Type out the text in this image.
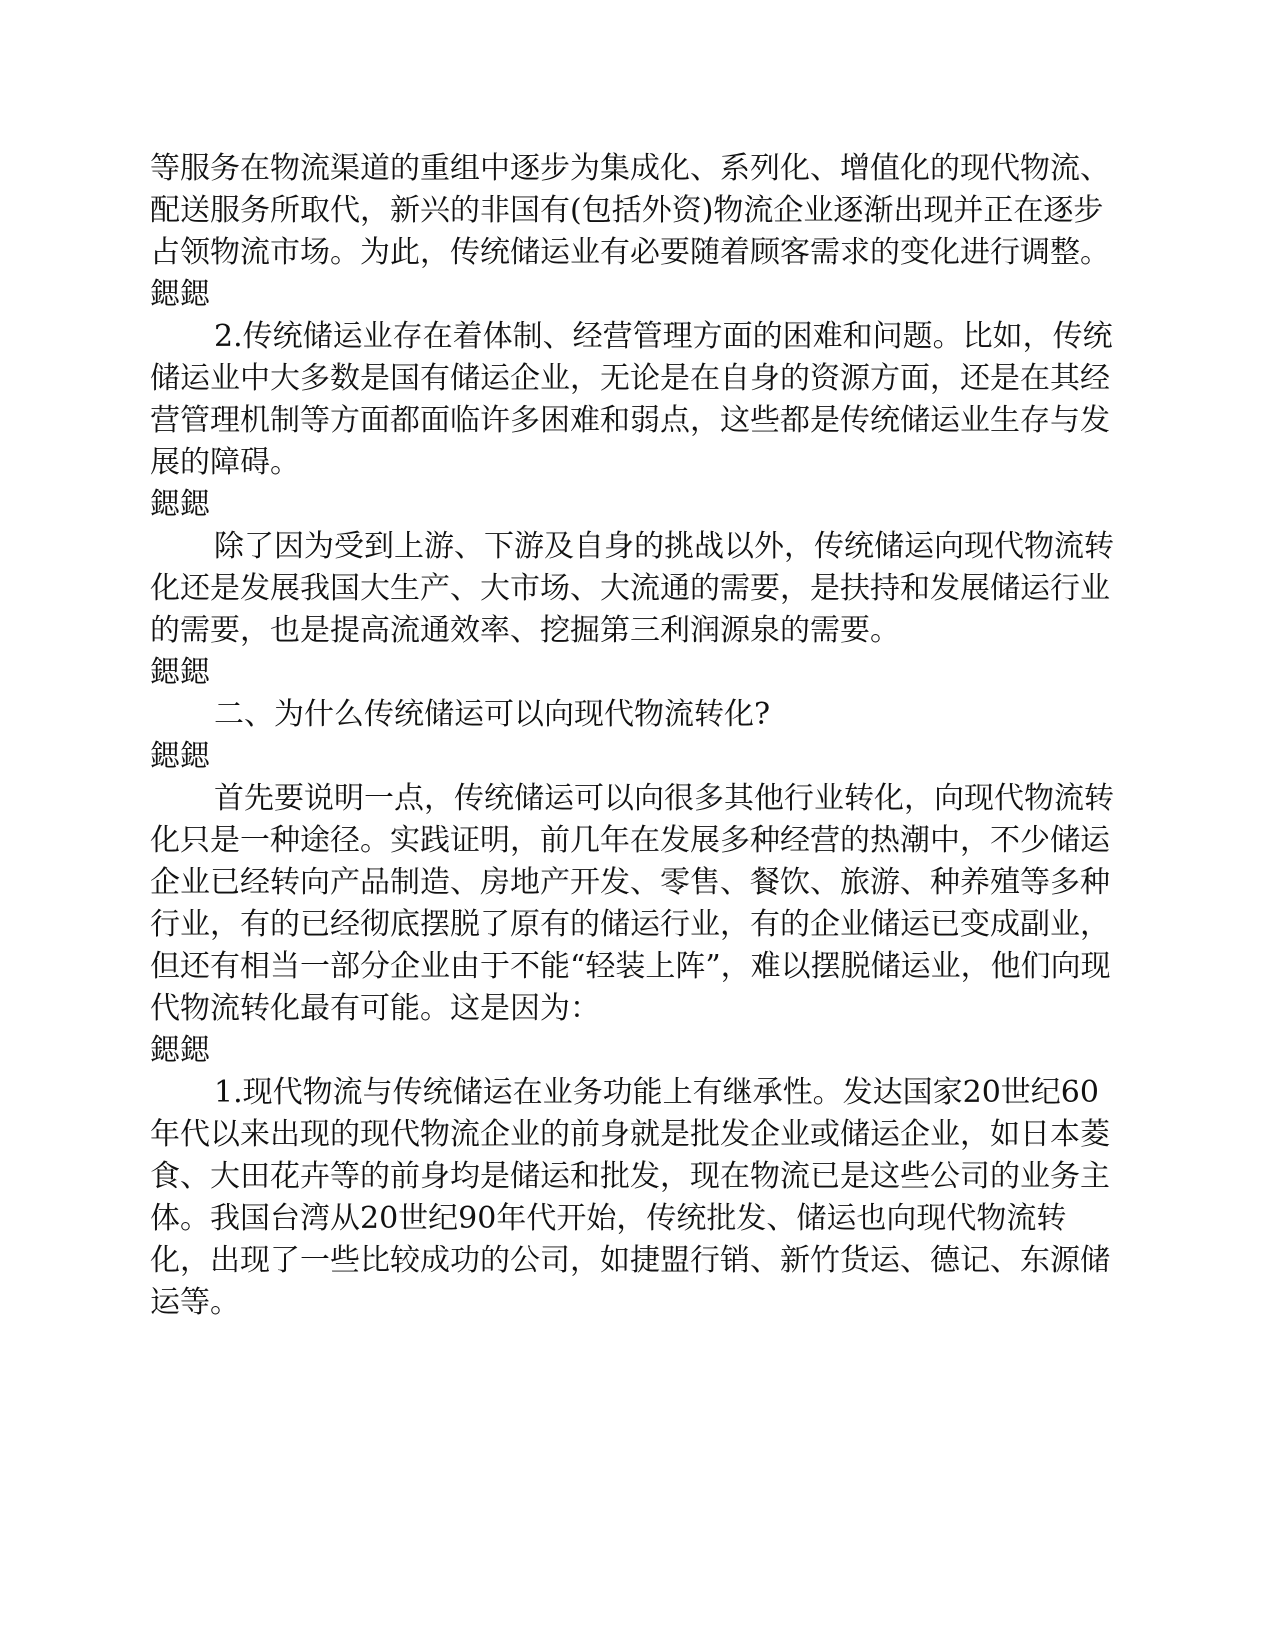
等服务在物流渠道的重组中逐步为集成化、系列化、增值化的现代物流、配送服务所取代，新兴的非国有(包括外资)物流企业逐渐出现并正在逐步占领物流市场。为此，传统储运业有必要随着顾客需求的变化进行调整。

鍶鍶

2.传统储运业存在着体制、经营管理方面的困难和问题。比如，传统储运业中大多数是国有储运企业，无论是在自身的资源方面，还是在其经营管理机制等方面都面临许多困难和弱点，这些都是传统储运业生存与发展的障碍。

鍶鍶

除了因为受到上游、下游及自身的挑战以外，传统储运向现代物流转化还是发展我国大生产、大市场、大流通的需要，是扶持和发展储运行业的需要，也是提高流通效率、挖掘第三利润源泉的需要。

鍶鍶

二、为什么传统储运可以向现代物流转化?

鍶鍶

首先要说明一点，传统储运可以向很多其他行业转化，向现代物流转化只是一种途径。实践证明，前几年在发展多种经营的热潮中，不少储运企业已经转向产品制造、房地产开发、零售、餐饮、旅游、种养殖等多种行业，有的已经彻底摆脱了原有的储运行业，有的企业储运已变成副业，但还有相当一部分企业由于不能“轻装上阵”，难以摆脱储运业，他们向现代物流转化最有可能。这是因为：

鍶鍶

1.现代物流与传统储运在业务功能上有继承性。发达国家20世纪60年代以来出现的现代物流企业的前身就是批发企业或储运企业，如日本菱食、大田花卉等的前身均是储运和批发，现在物流已是这些公司的业务主体。我国台湾从20世纪90年代开始，传统批发、储运也向现代物流转化，出现了一些比较成功的公司，如捷盟行销、新竹货运、德记、东源储运等。
